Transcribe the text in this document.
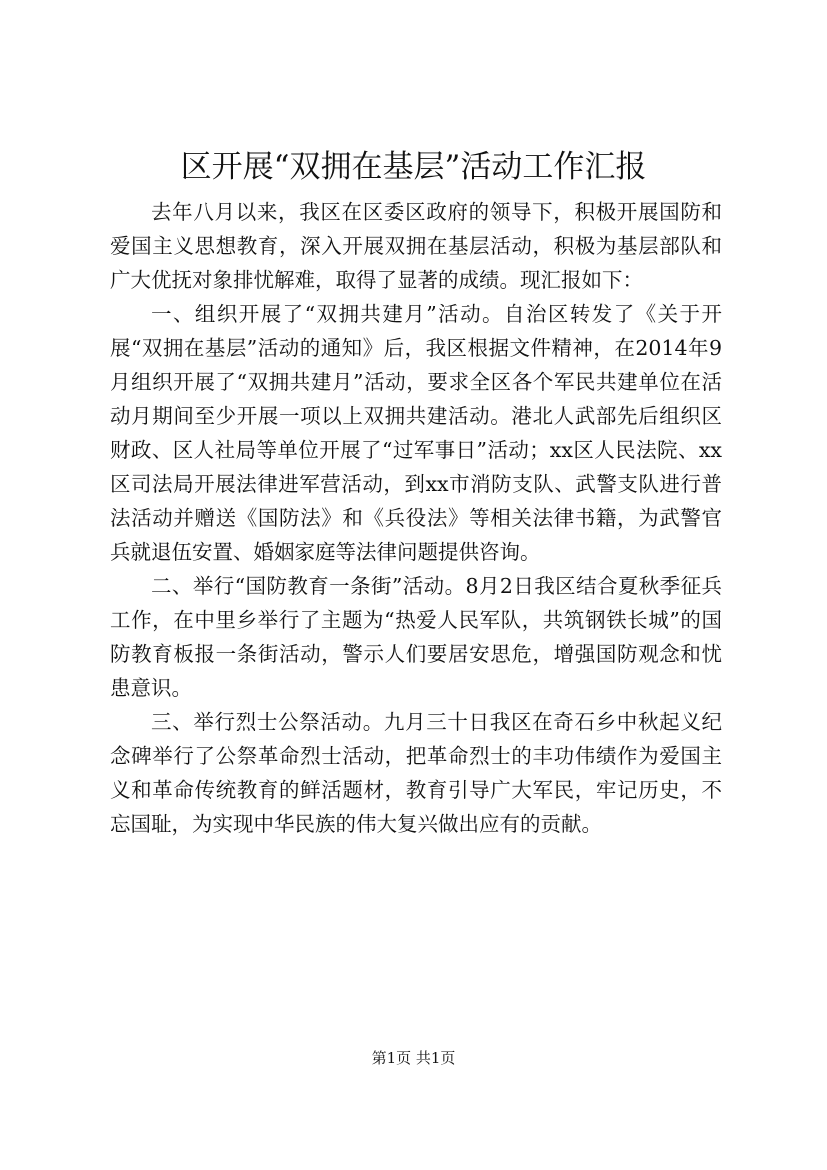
区开展“双拥在基层”活动工作汇报

去年八月以来，我区在区委区政府的领导下，积极开展国防和爱国主义思想教育，深入开展双拥在基层活动，积极为基层部队和广大优抚对象排忧解难，取得了显著的成绩。现汇报如下：

一、组织开展了“双拥共建月”活动。自治区转发了《关于开展“双拥在基层”活动的通知》后，我区根据文件精神，在2014年9月组织开展了“双拥共建月”活动，要求全区各个军民共建单位在活动月期间至少开展一项以上双拥共建活动。港北人武部先后组织区财政、区人社局等单位开展了“过军事日”活动；xx区人民法院、xx区司法局开展法律进军营活动，到xx市消防支队、武警支队进行普法活动并赠送《国防法》和《兵役法》等相关法律书籍，为武警官兵就退伍安置、婚姻家庭等法律问题提供咨询。

二、举行“国防教育一条街”活动。8月2日我区结合夏秋季征兵工作，在中里乡举行了主题为“热爱人民军队，共筑钢铁长城”的国防教育板报一条街活动，警示人们要居安思危，增强国防观念和忧患意识。

三、举行烈士公祭活动。九月三十日我区在奇石乡中秋起义纪念碑举行了公祭革命烈士活动，把革命烈士的丰功伟绩作为爱国主义和革命传统教育的鲜活题材，教育引导广大军民，牢记历史，不忘国耻，为实现中华民族的伟大复兴做出应有的贡献。

第1页 共1页
